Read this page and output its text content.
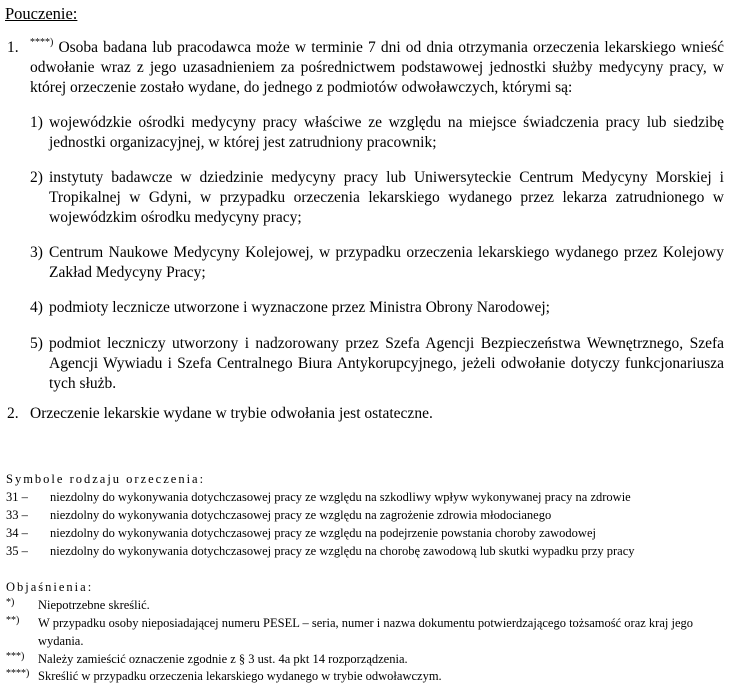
Pouczenie:
1. ****) Osoba badana lub pracodawca może w terminie 7 dni od dnia otrzymania orzeczenia lekarskiego wnieść odwołanie wraz z jego uzasadnieniem za pośrednictwem podstawowej jednostki służby medycyny pracy, w której orzeczenie zostało wydane, do jednego z podmiotów odwoławczych, którymi są:
1) wojewódzkie ośrodki medycyny pracy właściwe ze względu na miejsce świadczenia pracy lub siedzibę jednostki organizacyjnej, w której jest zatrudniony pracownik;
2) instytuty badawcze w dziedzinie medycyny pracy lub Uniwersyteckie Centrum Medycyny Morskiej i Tropikalnej w Gdyni, w przypadku orzeczenia lekarskiego wydanego przez lekarza zatrudnionego w wojewódzkim ośrodku medycyny pracy;
3) Centrum Naukowe Medycyny Kolejowej, w przypadku orzeczenia lekarskiego wydanego przez Kolejowy Zakład Medycyny Pracy;
4) podmioty lecznicze utworzone i wyznaczone przez Ministra Obrony Narodowej;
5) podmiot leczniczy utworzony i nadzorowany przez Szefa Agencji Bezpieczeństwa Wewnętrznego, Szefa Agencji Wywiadu i Szefa Centralnego Biura Antykorupcyjnego, jeżeli odwołanie dotyczy funkcjonariusza tych służb.
2. Orzeczenie lekarskie wydane w trybie odwołania jest ostateczne.
Symbole rodzaju orzeczenia:
31 – niezdolny do wykonywania dotychczasowej pracy ze względu na szkodliwy wpływ wykonywanej pracy na zdrowie
33 – niezdolny do wykonywania dotychczasowej pracy ze względu na zagrożenie zdrowia młodocianego
34 – niezdolny do wykonywania dotychczasowej pracy ze względu na podejrzenie powstania choroby zawodowej
35 – niezdolny do wykonywania dotychczasowej pracy ze względu na chorobę zawodową lub skutki wypadku przy pracy
Objaśnienia:
*) Niepotrzebne skreślić.
**) W przypadku osoby nieposiadającej numeru PESEL – seria, numer i nazwa dokumentu potwierdzającego tożsamość oraz kraj jego wydania.
***) Należy zamieścić oznaczenie zgodnie z § 3 ust. 4a pkt 14 rozporządzenia.
****) Skreślić w przypadku orzeczenia lekarskiego wydanego w trybie odwoławczym.
